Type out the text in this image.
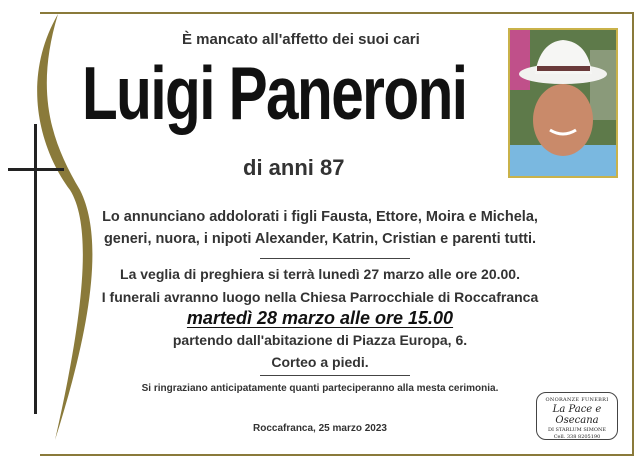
È mancato all'affetto dei suoi cari
Luigi Paneroni
di anni 87
Lo annunciano addolorati i figli Fausta, Ettore, Moira e Michela,
generi, nuora, i nipoti Alexander, Katrin, Cristian e parenti tutti.
La veglia di preghiera si terrà lunedì 27 marzo alle ore 20.00.
I funerali avranno luogo nella Chiesa Parrocchiale di Roccafranca
martedì 28 marzo alle ore 15.00
partendo dall'abitazione di Piazza Europa, 6.
Corteo a piedi.
Si ringraziano anticipatamente quanti parteciperanno alla mesta cerimonia.
Roccafranca, 25 marzo 2023
ONORANZE FUNEBRI
La Pace e Osecana
DI STARLUM SIMONE
Cell. 338 8205190
